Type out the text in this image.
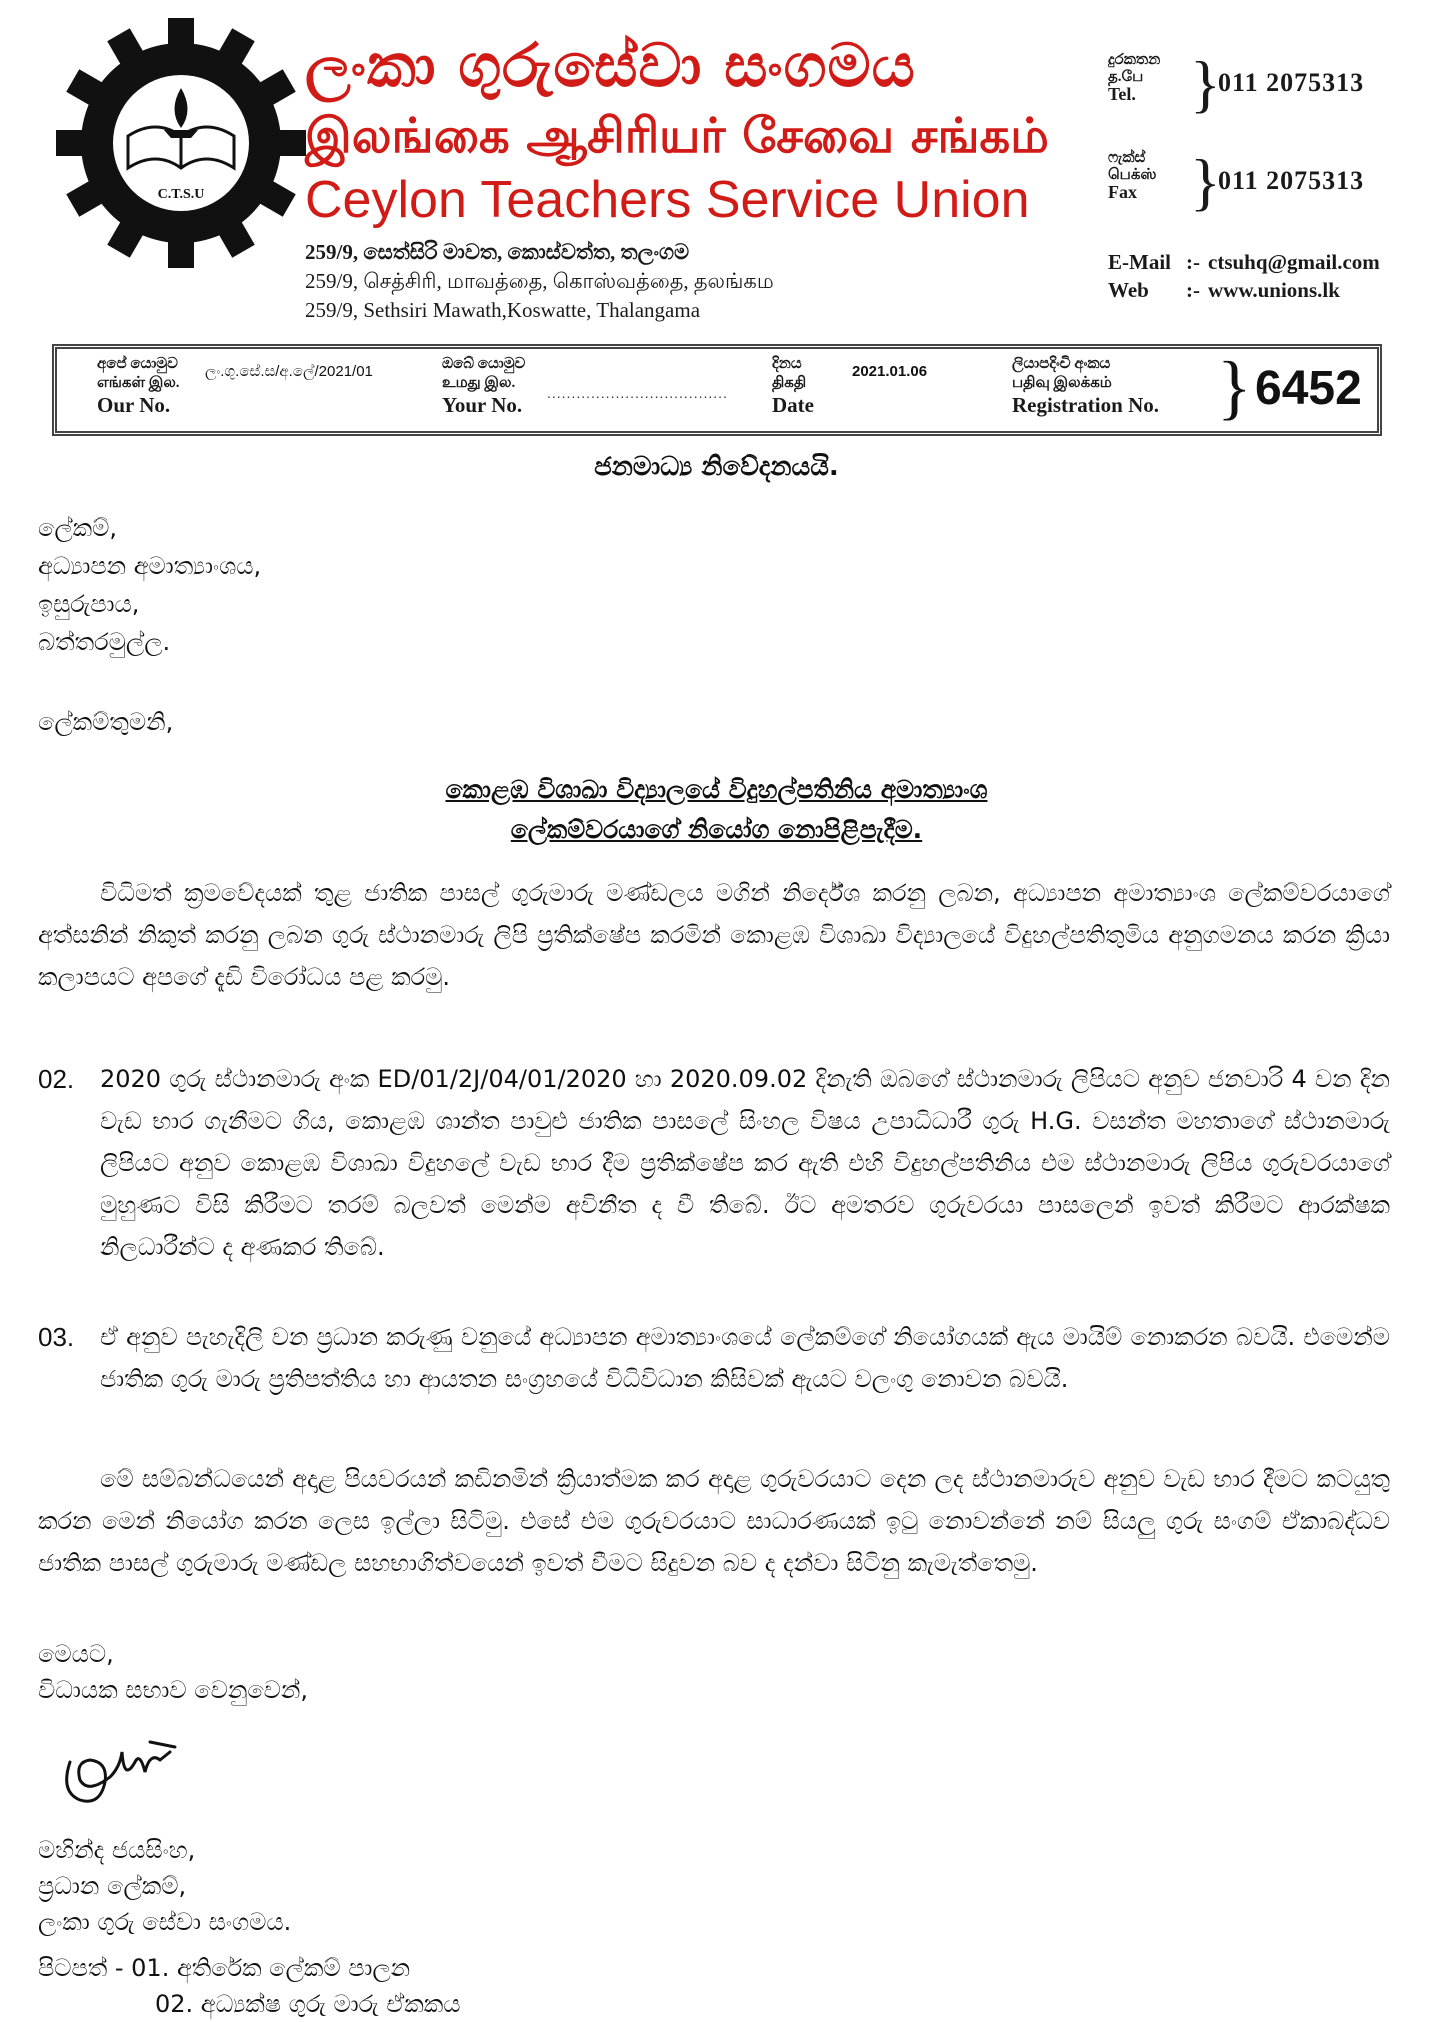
C.T.S.U
ලංකා ගුරුසේවා සංගමය
இலங்கை ஆசிரியர் சேவை சங்கம்
Ceylon Teachers Service Union
259/9, සෙත්සිරි මාවත, කොස්වත්ත, තලංගම
259/9, செத்சிரி, மாவத்தை, கொஸ்வத்தை, தலங்கம
259/9, Sethsiri Mawath,Koswatte, Thalangama
දුරකතන
த.பே
Tel. }
011 2075313
ෆැක්ස්
பெக்ஸ்
Fax }
011 2075313
E-Mail :- ctsuhq@gmail.com
Web :- www.unions.lk
අපේ යොමුව
எங்கள் இல.
Our No.
ලං.ගු.සේ.ස/අ.ලේ/2021/01	ඔබේ යොමුව
உமது இல.
Your No. .....................................
දිනය
திகதி
Date
2021.01.06	ලියාපදිංචි අංකය
பதிவு இலக்கம்
Registration No. } 6452
ජනමාධ්‍ය නිවේදනයයි.
ලේකම්,
අධ්‍යාපන අමාත්‍යාංශය,
ඉසුරුපාය,
බත්තරමුල්ල.
ලේකම්තුමනි,
කොළඹ විශාඛා විද්‍යාලයේ විදුහල්පතිනිය අමාත්‍යාංශ
ලේකම්වරයාගේ නියෝග නොපිළිපැදීම.
විධිමත් ක්‍රමවේදයක් තුළ ජාතික පාසල් ගුරුමාරු මණ්ඩලය මගින් නිර්දේශ කරනු ලබන, අධ්‍යාපන අමාත්‍යාංශ ලේකම්වරයාගේ අත්සනින් නිකුත් කරනු ලබන ගුරු ස්ථානමාරු ලිපි ප්‍රතික්ෂේප කරමින් කොළඹ විශාඛා විද්‍යාලයේ විදුහල්පතිතුමිය අනුගමනය කරන ක්‍රියා කලාපයට අපගේ දැඩි විරෝධය පළ කරමු.
02. 2020 ගුරු ස්ථානමාරු අංක ED/01/2J/04/01/2020 හා 2020.09.02 දිනැති ඔබගේ ස්ථානමාරු ලිපියට අනුව ජනවාරි 4 වන දින වැඩ භාර ගැනීමට ගිය, කොළඹ ශාන්ත පාවුළු ජාතික පාසලේ සිංහල විෂය උපාධිධාරී ගුරු H.G. වසන්ත මහතාගේ ස්ථානමාරු ලිපියට අනුව කොළඹ විශාඛා විදුහලේ වැඩ භාර දීම ප්‍රතික්ෂේප කර ඇති එහි විදුහල්පතිනිය එම ස්ථානමාරු ලිපිය ගුරුවරයාගේ මුහුණට විසි කිරීමට තරම් බලවත් මෙන්ම අවිනීත ද වී තිබේ. ඊට අමතරව ගුරුවරයා පාසලෙන් ඉවත් කිරීමට ආරක්ෂක නිලධාරීන්ට ද අණකර තිබේ.
03. ඒ අනුව පැහැදිලි වන ප්‍රධාන කරුණු වනුයේ අධ්‍යාපන අමාත්‍යාංශයේ ලේකම්ගේ නියෝගයක් ඇය මායිම් නොකරන බවයි. එමෙන්ම ජාතික ගුරු මාරු ප්‍රතිපත්තිය හා ආයතන සංග්‍රහයේ විධිවිධාන කිසිවක් ඇයට වලංගු නොවන බවයි.
මේ සම්බන්ධයෙන් අදාළ පියවරයන් කඩිනමින් ක්‍රියාත්මක කර අදාළ ගුරුවරයාට දෙන ලද ස්ථානමාරුව අනුව වැඩ භාර දීමට කටයුතු කරන මෙන් නියෝග කරන ලෙස ඉල්ලා සිටිමු. එසේ එම ගුරුවරයාට සාධාරණයක් ඉටු නොවන්නේ නම් සියලු ගුරු සංගම් ඒකාබද්ධව ජාතික පාසල් ගුරුමාරු මණ්ඩල සහභාගිත්වයෙන් ඉවත් වීමට සිදුවන බව ද දන්වා සිටිනු කැමැත්තෙමු.
මෙයට,
විධායක සභාව වෙනුවෙන්,
මහින්ද ජයසිංහ,
ප්‍රධාන ලේකම්,
ලංකා ගුරු සේවා සංගමය.
පිටපත් - 01. අතිරේක ලේකම් පාලන
02. අධ්‍යක්ෂ ගුරු මාරු ඒකකය
